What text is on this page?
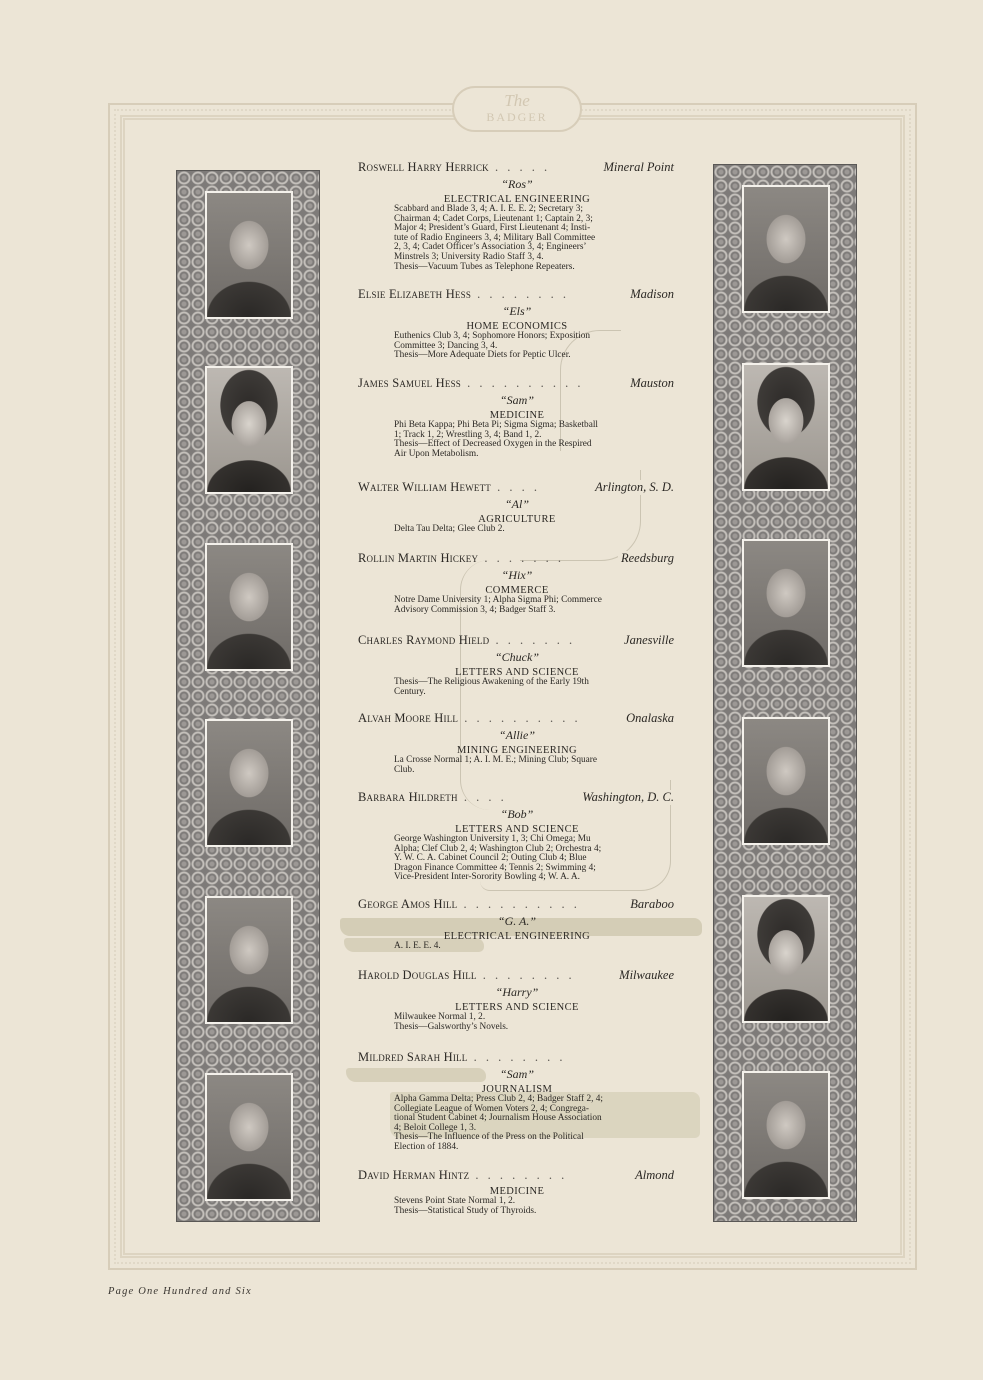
The
BADGER
Roswell Harry Herrick . . . . .	Mineral Point
“Ros”
ELECTRICAL ENGINEERING
Scabbard and Blade 3, 4; A. I. E. E. 2; Secretary 3;
Chairman 4; Cadet Corps, Lieutenant 1; Captain 2, 3;
Major 4; President’s Guard, First Lieutenant 4; Insti-
tute of Radio Engineers 3, 4; Military Ball Committee
2, 3, 4; Cadet Officer’s Association 3, 4; Engineers’
Minstrels 3; University Radio Staff 3, 4.
Thesis—Vacuum Tubes as Telephone Repeaters.
Elsie Elizabeth Hess . . . . . . . .	Madison
“Els”
HOME ECONOMICS
Euthenics Club 3, 4; Sophomore Honors; Exposition
Committee 3; Dancing 3, 4.
Thesis—More Adequate Diets for Peptic Ulcer.
James Samuel Hess . . . . . . . . . .	Mauston
“Sam”
MEDICINE
Phi Beta Kappa; Phi Beta Pi; Sigma Sigma; Basketball
1; Track 1, 2; Wrestling 3, 4; Band 1, 2.
Thesis—Effect of Decreased Oxygen in the Respired
Air Upon Metabolism.
Walter William Hewett . . . .	Arlington, S. D.
“Al”
AGRICULTURE
Delta Tau Delta; Glee Club 2.
Rollin Martin Hickey . . . . . . .	Reedsburg
“Hix”
COMMERCE
Notre Dame University 1; Alpha Sigma Phi; Commerce
Advisory Commission 3, 4; Badger Staff 3.
Charles Raymond Hield . . . . . . .	Janesville
“Chuck”
LETTERS AND SCIENCE
Thesis—The Religious Awakening of the Early 19th
Century.
Alvah Moore Hill . . . . . . . . . .	Onalaska
“Allie”
MINING ENGINEERING
La Crosse Normal 1; A. I. M. E.; Mining Club; Square
Club.
Barbara Hildreth . . . .	Washington, D. C.
“Bob”
LETTERS AND SCIENCE
George Washington University 1, 3; Chi Omega; Mu
Alpha; Clef Club 2, 4; Washington Club 2; Orchestra 4;
Y. W. C. A. Cabinet Council 2; Outing Club 4; Blue
Dragon Finance Committee 4; Tennis 2; Swimming 4;
Vice-President Inter-Sorority Bowling 4; W. A. A.
George Amos Hill . . . . . . . . . .	Baraboo
“G. A.”
ELECTRICAL ENGINEERING
A. I. E. E. 4.
Harold Douglas Hill . . . . . . . .	Milwaukee
“Harry”
LETTERS AND SCIENCE
Milwaukee Normal 1, 2.
Thesis—Galsworthy’s Novels.
Mildred Sarah Hill . . . . . . . .
“Sam”
JOURNALISM
Alpha Gamma Delta; Press Club 2, 4; Badger Staff 2, 4;
Collegiate League of Women Voters 2, 4; Congrega-
tional Student Cabinet 4; Journalism House Association
4; Beloit College 1, 3.
Thesis—The Influence of the Press on the Political
Election of 1884.
David Herman Hintz . . . . . . . .	Almond
MEDICINE
Stevens Point State Normal 1, 2.
Thesis—Statistical Study of Thyroids.
Page One Hundred and Six
